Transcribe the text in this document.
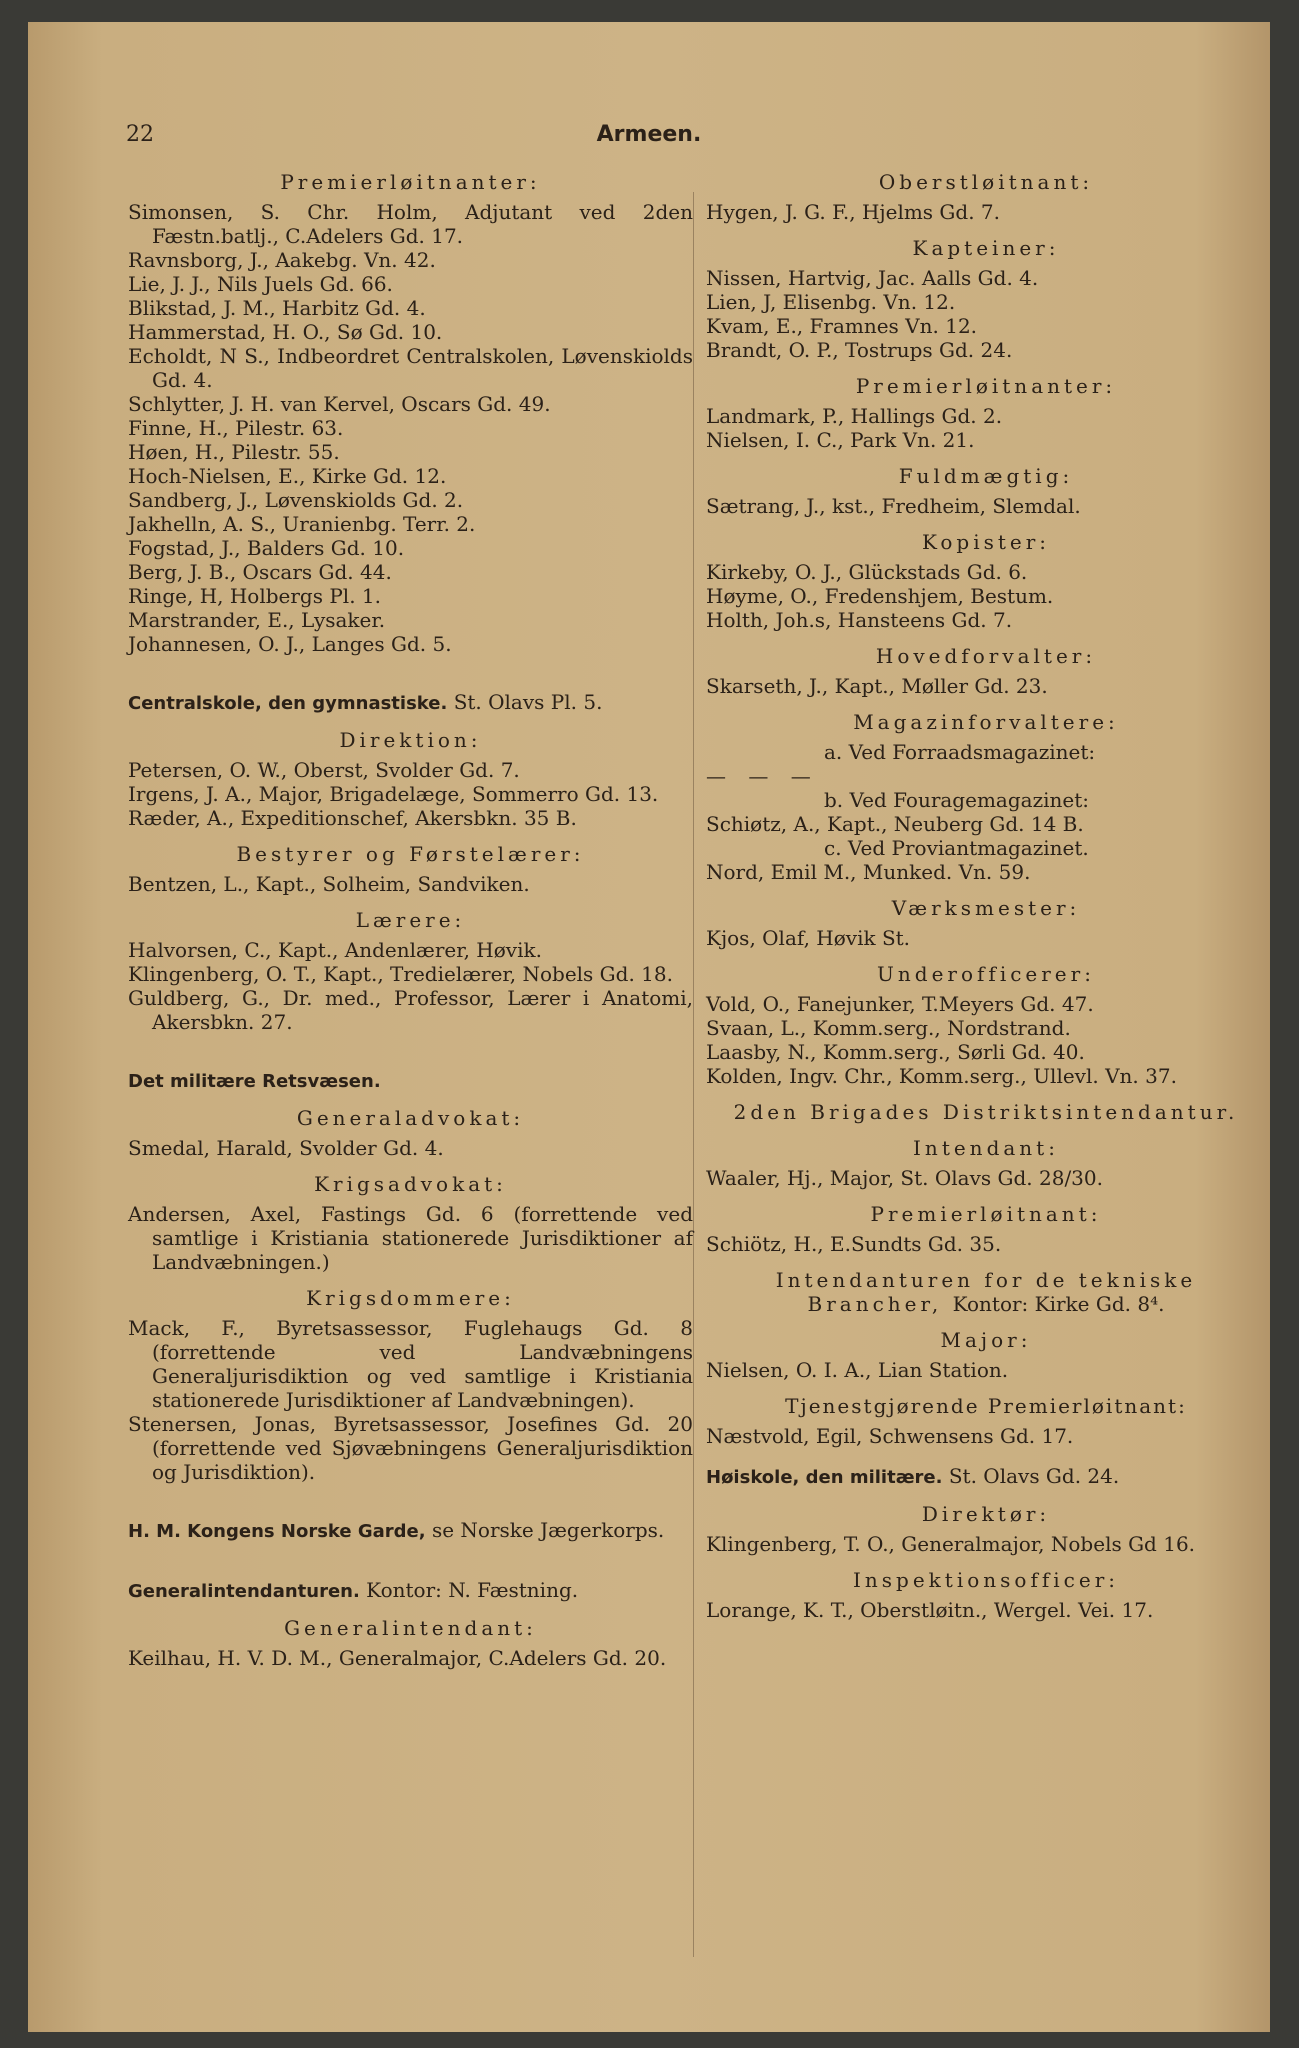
22	Armeen.
Premierløitnanter:
Simonsen, S. Chr. Holm, Adjutant ved 2den Fæstn.batlj., C.Adelers Gd. 17.
Ravnsborg, J., Aakebg. Vn. 42.
Lie, J. J., Nils Juels Gd. 66.
Blikstad, J. M., Harbitz Gd. 4.
Hammerstad, H. O., Sø Gd. 10.
Echoldt, N S., Indbeordret Centralskolen, Løvenskiolds Gd. 4.
Schlytter, J. H. van Kervel, Oscars Gd. 49.
Finne, H., Pilestr. 63.
Høen, H., Pilestr. 55.
Hoch-Nielsen, E., Kirke Gd. 12.
Sandberg, J., Løvenskiolds Gd. 2.
Jakhelln, A. S., Uranienbg. Terr. 2.
Fogstad, J., Balders Gd. 10.
Berg, J. B., Oscars Gd. 44.
Ringe, H, Holbergs Pl. 1.
Marstrander, E., Lysaker.
Johannesen, O. J., Langes Gd. 5.
Centralskole, den gymnastiske. St. Olavs Pl. 5.
Direktion:
Petersen, O. W., Oberst, Svolder Gd. 7.
Irgens, J. A., Major, Brigadelæge, Sommerro Gd. 13.
Ræder, A., Expeditionschef, Akersbkn. 35 B.
Bestyrer og Førstelærer:
Bentzen, L., Kapt., Solheim, Sandviken.
Lærere:
Halvorsen, C., Kapt., Andenlærer, Høvik.
Klingenberg, O. T., Kapt., Tredielærer, Nobels Gd. 18.
Guldberg, G., Dr. med., Professor, Lærer i Anatomi, Akersbkn. 27.
Det militære Retsvæsen.
Generaladvokat:
Smedal, Harald, Svolder Gd. 4.
Krigsadvokat:
Andersen, Axel, Fastings Gd. 6 (forrettende ved samtlige i Kristiania stationerede Jurisdiktioner af Landvæbningen.)
Krigsdommere:
Mack, F., Byretsassessor, Fuglehaugs Gd. 8 (forrettende ved Landvæbningens Generaljurisdiktion og ved samtlige i Kristiania stationerede Jurisdiktioner af Landvæbningen).
Stenersen, Jonas, Byretsassessor, Josefines Gd. 20 (forrettende ved Sjøvæbningens Generaljurisdiktion og Jurisdiktion).
H. M. Kongens Norske Garde, se Norske Jægerkorps.
Generalintendanturen. Kontor: N. Fæstning.
Generalintendant:
Keilhau, H. V. D. M., Generalmajor, C.Adelers Gd. 20.
Oberstløitnant:
Hygen, J. G. F., Hjelms Gd. 7.
Kapteiner:
Nissen, Hartvig, Jac. Aalls Gd. 4.
Lien, J, Elisenbg. Vn. 12.
Kvam, E., Framnes Vn. 12.
Brandt, O. P., Tostrups Gd. 24.
Premierløitnanter:
Landmark, P., Hallings Gd. 2.
Nielsen, I. C., Park Vn. 21.
Fuldmægtig:
Sætrang, J., kst., Fredheim, Slemdal.
Kopister:
Kirkeby, O. J., Glückstads Gd. 6.
Høyme, O., Fredenshjem, Bestum.
Holth, Joh.s, Hansteens Gd. 7.
Hovedforvalter:
Skarseth, J., Kapt., Møller Gd. 23.
Magazinforvaltere:
a. Ved Forraadsmagazinet:
— — —
b. Ved Fouragemagazinet:
Schiøtz, A., Kapt., Neuberg Gd. 14 B.
c. Ved Proviantmagazinet.
Nord, Emil M., Munked. Vn. 59.
Værksmester:
Kjos, Olaf, Høvik St.
Underofficerer:
Vold, O., Fanejunker, T.Meyers Gd. 47.
Svaan, L., Komm.serg., Nordstrand.
Laasby, N., Komm.serg., Sørli Gd. 40.
Kolden, Ingv. Chr., Komm.serg., Ullevl. Vn. 37.
2den Brigades Distriktsintendantur.
Intendant:
Waaler, Hj., Major, St. Olavs Gd. 28/30.
Premierløitnant:
Schiötz, H., E.Sundts Gd. 35.
Intendanturen for de tekniske Brancher, Kontor: Kirke Gd. 8⁴.
Major:
Nielsen, O. I. A., Lian Station.
Tjenestgjørende Premierløitnant:
Næstvold, Egil, Schwensens Gd. 17.
Høiskole, den militære. St. Olavs Gd. 24.
Direktør:
Klingenberg, T. O., Generalmajor, Nobels Gd 16.
Inspektionsofficer:
Lorange, K. T., Oberstløitn., Wergel. Vei. 17.
